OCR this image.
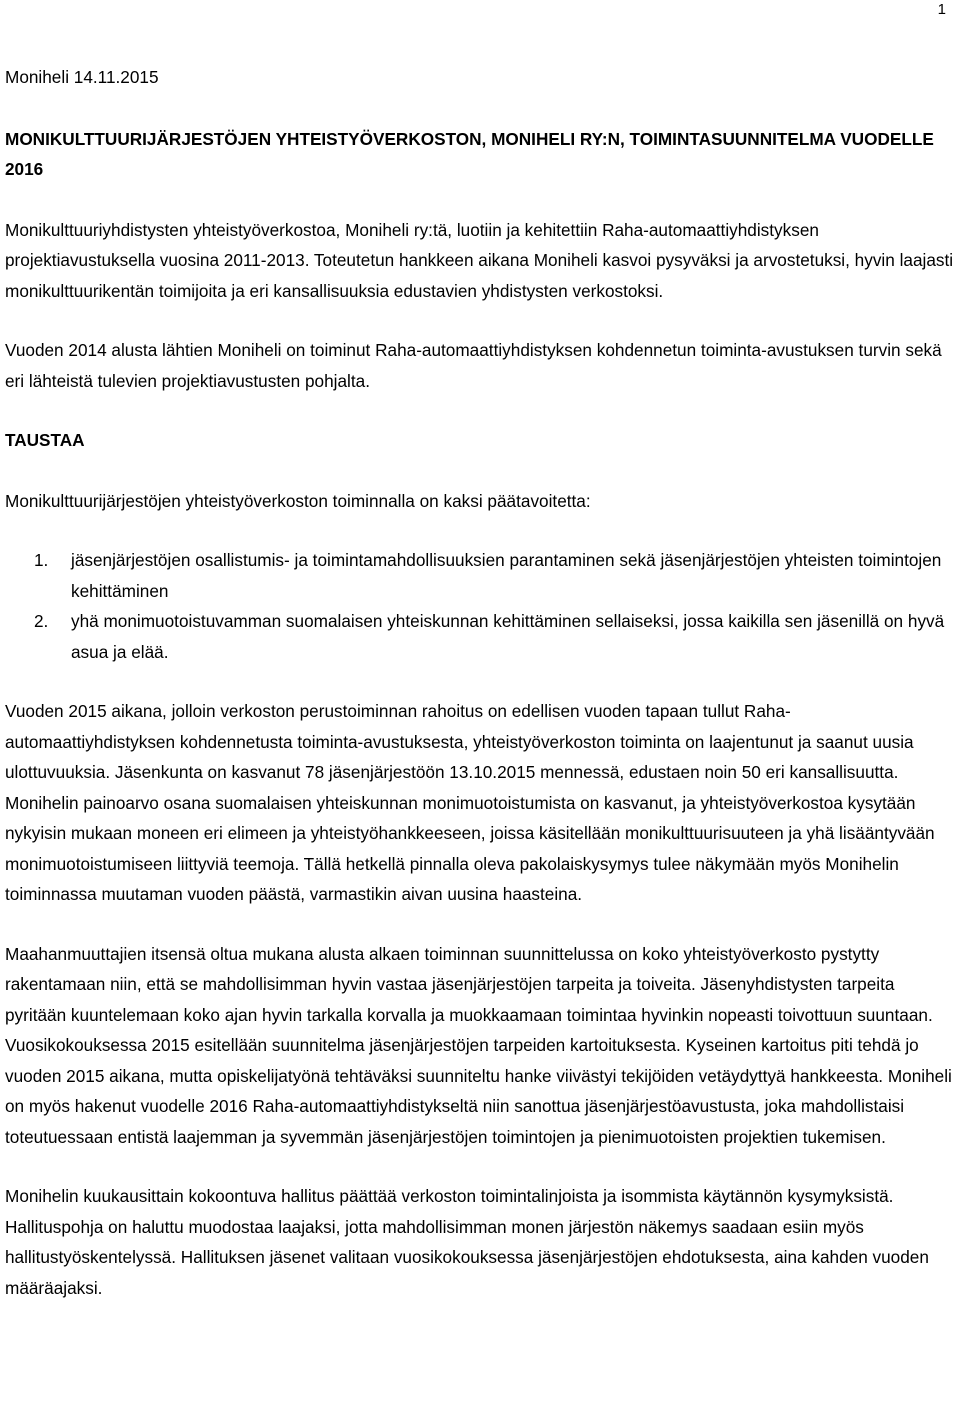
1

Moniheli 14.11.2015

MONIKULTTUURIJÄRJESTÖJEN YHTEISTYÖVERKOSTON, MONIHELI RY:N, TOIMINTASUUNNITELMA VUODELLE 2016

Monikulttuuriyhdistysten yhteistyöverkostoa, Moniheli ry:tä, luotiin ja kehitettiin Raha-automaattiyhdistyksen projektiavustuksella vuosina 2011-2013. Toteutetun hankkeen aikana Moniheli kasvoi pysyväksi ja arvostetuksi, hyvin laajasti monikulttuurikentän toimijoita ja eri kansallisuuksia edustavien yhdistysten verkostoksi.

Vuoden 2014 alusta lähtien Moniheli on toiminut Raha-automaattiyhdistyksen kohdennetun toiminta-avustuksen turvin sekä eri lähteistä tulevien projektiavustusten pohjalta.

TAUSTAA

Monikulttuurijärjestöjen yhteistyöverkoston toiminnalla on kaksi päätavoitetta:

1. jäsenjärjestöjen osallistumis- ja toimintamahdollisuuksien parantaminen sekä jäsenjärjestöjen yhteisten toimintojen kehittäminen
2. yhä monimuotoistuvamman suomalaisen yhteiskunnan kehittäminen sellaiseksi, jossa kaikilla sen jäsenillä on hyvä asua ja elää.

Vuoden 2015 aikana, jolloin verkoston perustoiminnan rahoitus on edellisen vuoden tapaan tullut Raha-automaattiyhdistyksen kohdennetusta toiminta-avustuksesta, yhteistyöverkoston toiminta on laajentunut ja saanut uusia ulottuvuuksia. Jäsenkunta on kasvanut 78 jäsenjärjestöön 13.10.2015 mennessä, edustaen noin 50 eri kansallisuutta. Monihelin painoarvo osana suomalaisen yhteiskunnan monimuotoistumista on kasvanut, ja yhteistyöverkostoa kysytään nykyisin mukaan moneen eri elimeen ja yhteistyöhankkeeseen, joissa käsitellään monikulttuurisuuteen ja yhä lisääntyvään monimuotoistumiseen liittyviä teemoja. Tällä hetkellä pinnalla oleva pakolaiskysymys tulee näkymään myös Monihelin toiminnassa muutaman vuoden päästä, varmastikin aivan uusina haasteina.

Maahanmuuttajien itsensä oltua mukana alusta alkaen toiminnan suunnittelussa on koko yhteistyöverkosto pystytty rakentamaan niin, että se mahdollisimman hyvin vastaa jäsenjärjestöjen tarpeita ja toiveita. Jäsenyhdistysten tarpeita pyritään kuuntelemaan koko ajan hyvin tarkalla korvalla ja muokkaamaan toimintaa hyvinkin nopeasti toivottuun suuntaan. Vuosikokouksessa 2015 esitellään suunnitelma jäsenjärjestöjen tarpeiden kartoituksesta. Kyseinen kartoitus piti tehdä jo vuoden 2015 aikana, mutta opiskelijatyönä tehtäväksi suunniteltu hanke viivästyi tekijöiden vetäydyttyä hankkeesta. Moniheli on myös hakenut vuodelle 2016 Raha-automaattiyhdistykseltä niin sanottua jäsenjärjestöavustusta, joka mahdollistaisi toteutuessaan entistä laajemman ja syvemmän jäsenjärjestöjen toimintojen ja pienimuotoisten projektien tukemisen.

Monihelin kuukausittain kokoontuva hallitus päättää verkoston toimintalinjoista ja isommista käytännön kysymyksistä. Hallituspohja on haluttu muodostaa laajaksi, jotta mahdollisimman monen järjestön näkemys saadaan esiin myös hallitustyöskentelyssä. Hallituksen jäsenet valitaan vuosikokouksessa jäsenjärjestöjen ehdotuksesta, aina kahden vuoden määräajaksi.
